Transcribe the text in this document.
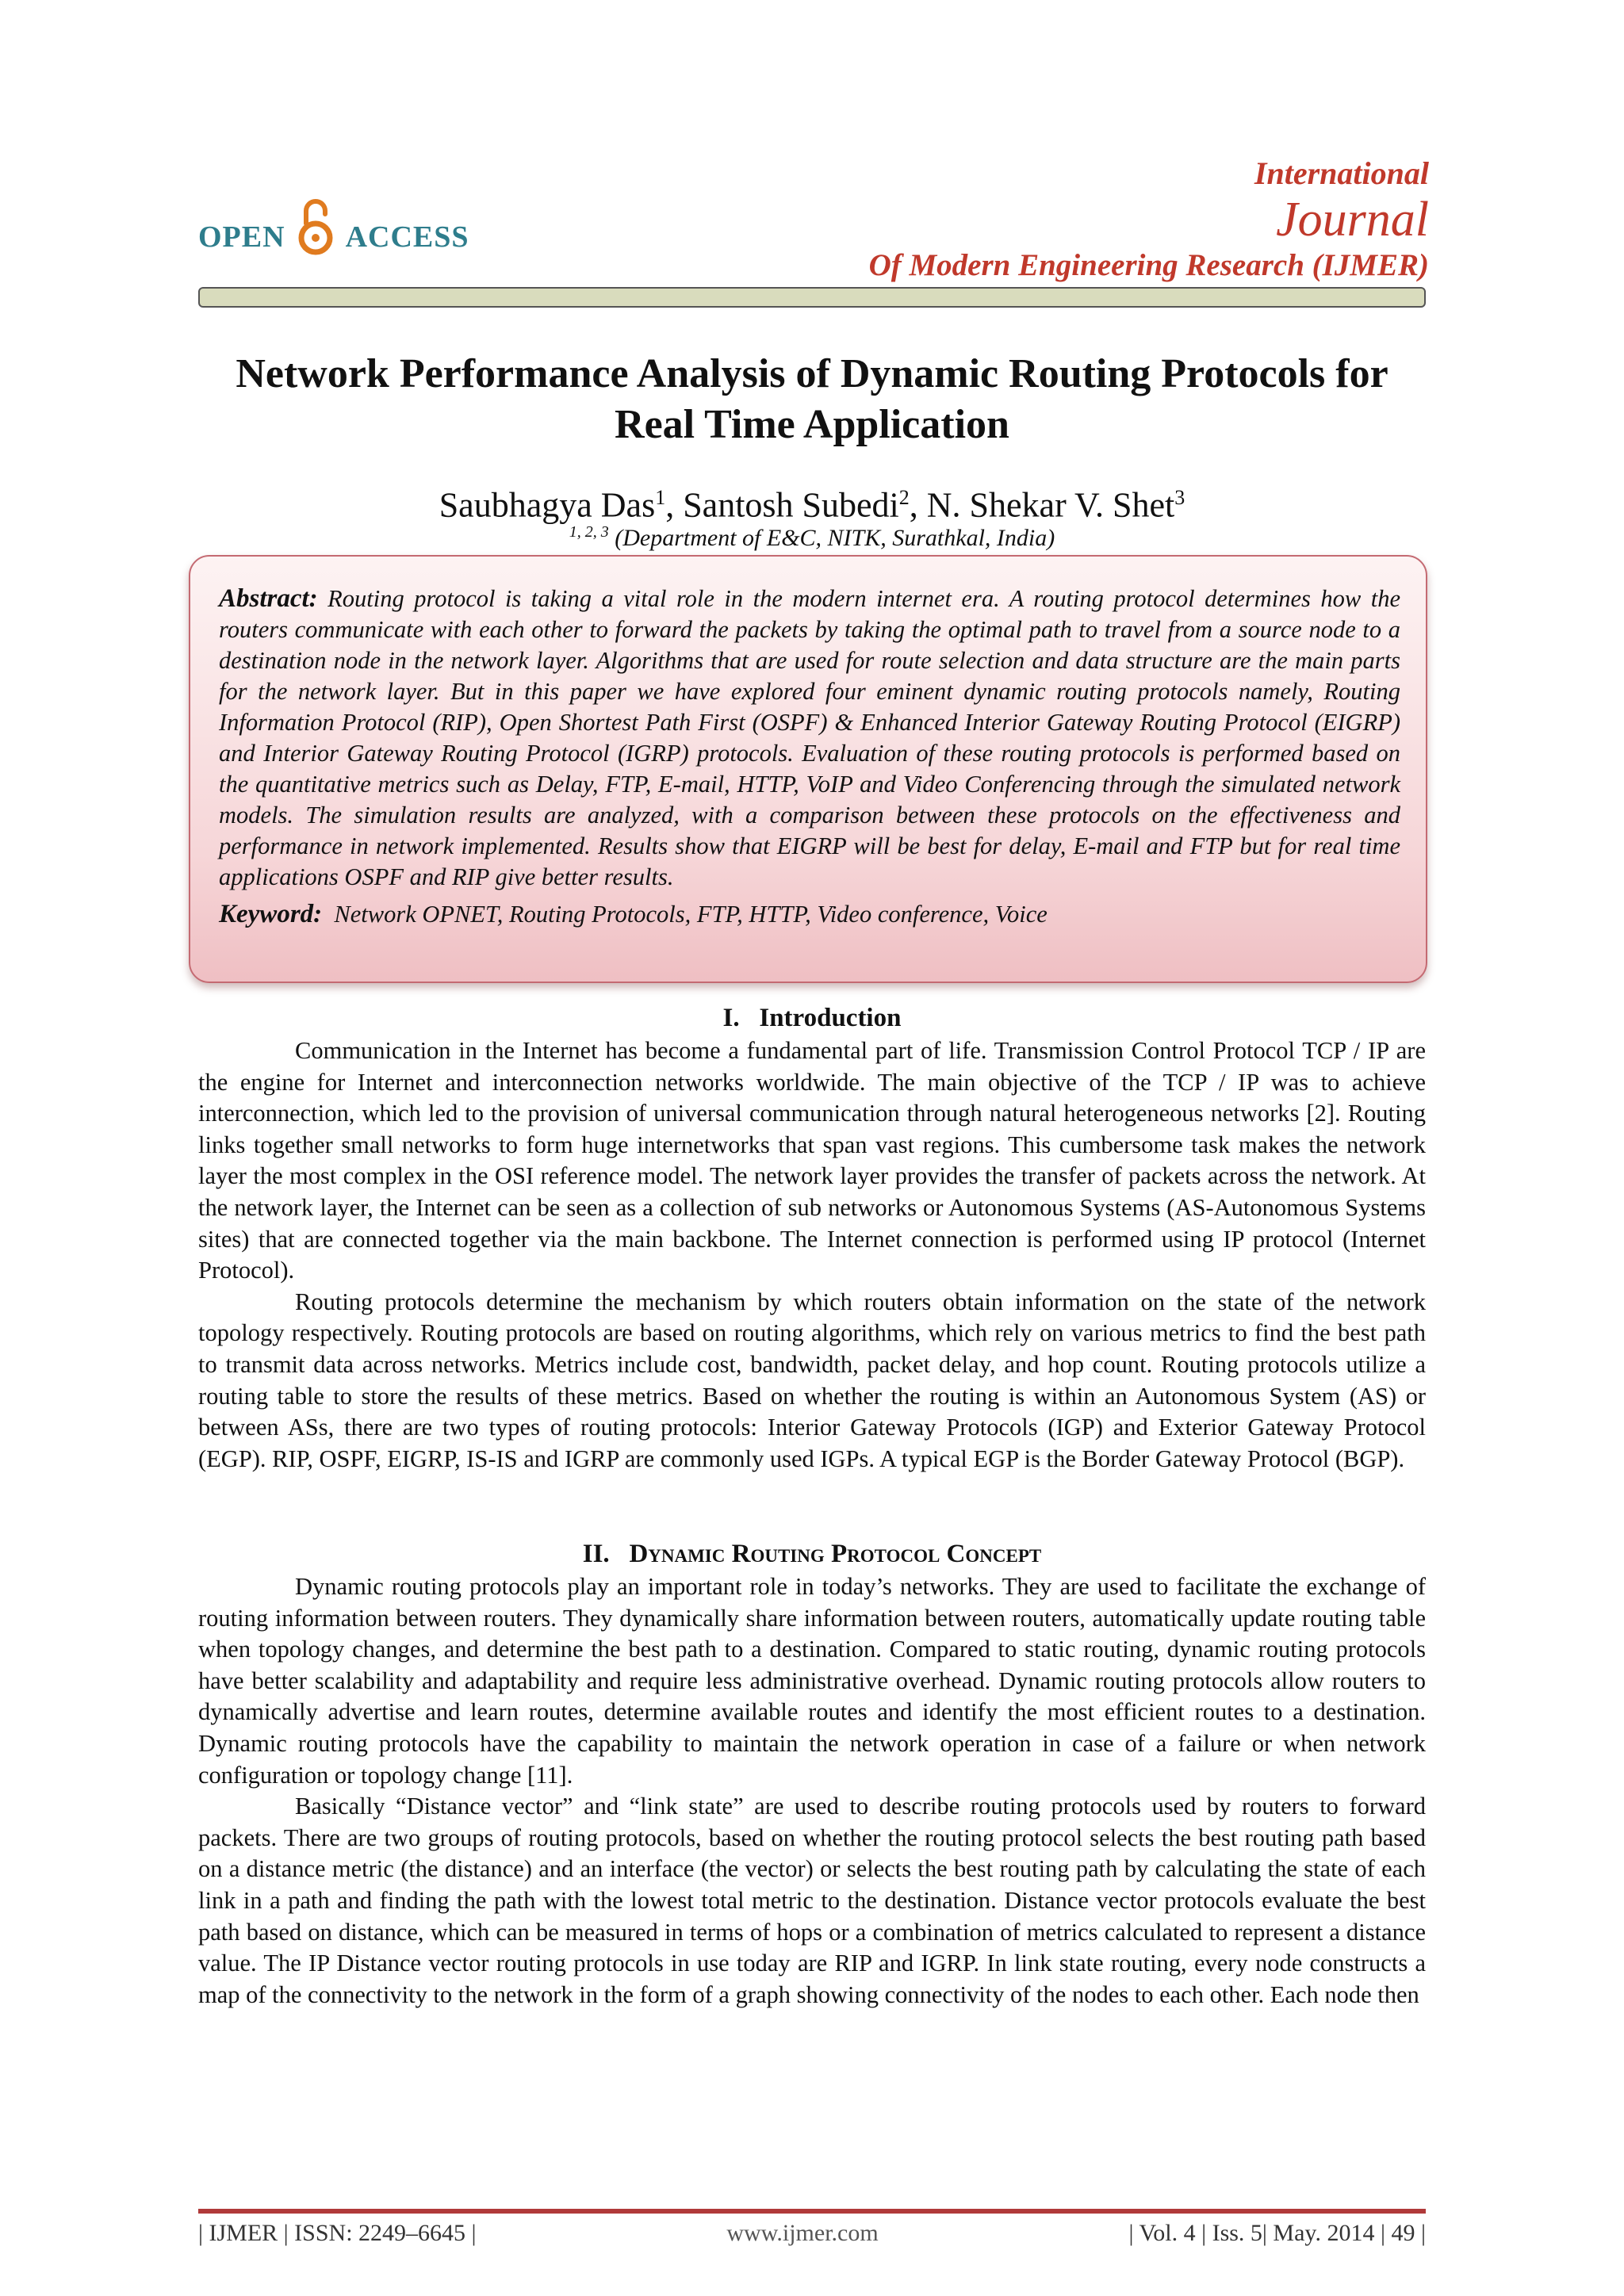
OPEN ACCESS
International
Journal
Of Modern Engineering Research (IJMER)
Network Performance Analysis of Dynamic Routing Protocols for
Real Time Application
Saubhagya Das$^1$, Santosh Subedi$^2$, N. Shekar V. Shet$^3$
$^{1, 2, 3}$ (Department of E&C, NITK, Surathkal, India)
Abstract: Routing protocol is taking a vital role in the modern internet era. A routing protocol determines how the routers communicate with each other to forward the packets by taking the optimal path to travel from a source node to a destination node in the network layer. Algorithms that are used for route selection and data structure are the main parts for the network layer. But in this paper we have explored four eminent dynamic routing protocols namely, Routing Information Protocol (RIP), Open Shortest Path First (OSPF) & Enhanced Interior Gateway Routing Protocol (EIGRP) and Interior Gateway Routing Protocol (IGRP) protocols. Evaluation of these routing protocols is performed based on the quantitative metrics such as Delay, FTP, E-mail, HTTP, VoIP and Video Conferencing through the simulated network models. The simulation results are analyzed, with a comparison between these protocols on the effectiveness and performance in network implemented. Results show that EIGRP will be best for delay, E-mail and FTP but for real time applications OSPF and RIP give better results.
Keyword: Network OPNET, Routing Protocols, FTP, HTTP, Video conference, Voice
I. Introduction

Communication in the Internet has become a fundamental part of life. Transmission Control Protocol TCP / IP are the engine for Internet and interconnection networks worldwide. The main objective of the TCP / IP was to achieve interconnection, which led to the provision of universal communication through natural heterogeneous networks [2]. Routing links together small networks to form huge internetworks that span vast regions. This cumbersome task makes the network layer the most complex in the OSI reference model. The network layer provides the transfer of packets across the network. At the network layer, the Internet can be seen as a collection of sub networks or Autonomous Systems (AS-Autonomous Systems sites) that are connected together via the main backbone. The Internet connection is performed using IP protocol (Internet Protocol).

Routing protocols determine the mechanism by which routers obtain information on the state of the network topology respectively. Routing protocols are based on routing algorithms, which rely on various metrics to find the best path to transmit data across networks. Metrics include cost, bandwidth, packet delay, and hop count. Routing protocols utilize a routing table to store the results of these metrics. Based on whether the routing is within an Autonomous System (AS) or between ASs, there are two types of routing protocols: Interior Gateway Protocols (IGP) and Exterior Gateway Protocol (EGP). RIP, OSPF, EIGRP, IS-IS and IGRP are commonly used IGPs. A typical EGP is the Border Gateway Protocol (BGP).

II. Dynamic Routing Protocol Concept

Dynamic routing protocols play an important role in today’s networks. They are used to facilitate the exchange of routing information between routers. They dynamically share information between routers, automatically update routing table when topology changes, and determine the best path to a destination. Compared to static routing, dynamic routing protocols have better scalability and adaptability and require less administrative overhead. Dynamic routing protocols allow routers to dynamically advertise and learn routes, determine available routes and identify the most efficient routes to a destination. Dynamic routing protocols have the capability to maintain the network operation in case of a failure or when network configuration or topology change [11].

Basically “Distance vector” and “link state” are used to describe routing protocols used by routers to forward packets. There are two groups of routing protocols, based on whether the routing protocol selects the best routing path based on a distance metric (the distance) and an interface (the vector) or selects the best routing path by calculating the state of each link in a path and finding the path with the lowest total metric to the destination. Distance vector protocols evaluate the best path based on distance, which can be measured in terms of hops or a combination of metrics calculated to represent a distance value. The IP Distance vector routing protocols in use today are RIP and IGRP. In link state routing, every node constructs a map of the connectivity to the network in the form of a graph showing connectivity of the nodes to each other. Each node then

| IJMER | ISSN: 2249–6645 |	www.ijmer.com	| Vol. 4 | Iss. 5| May. 2014 | 49 |
